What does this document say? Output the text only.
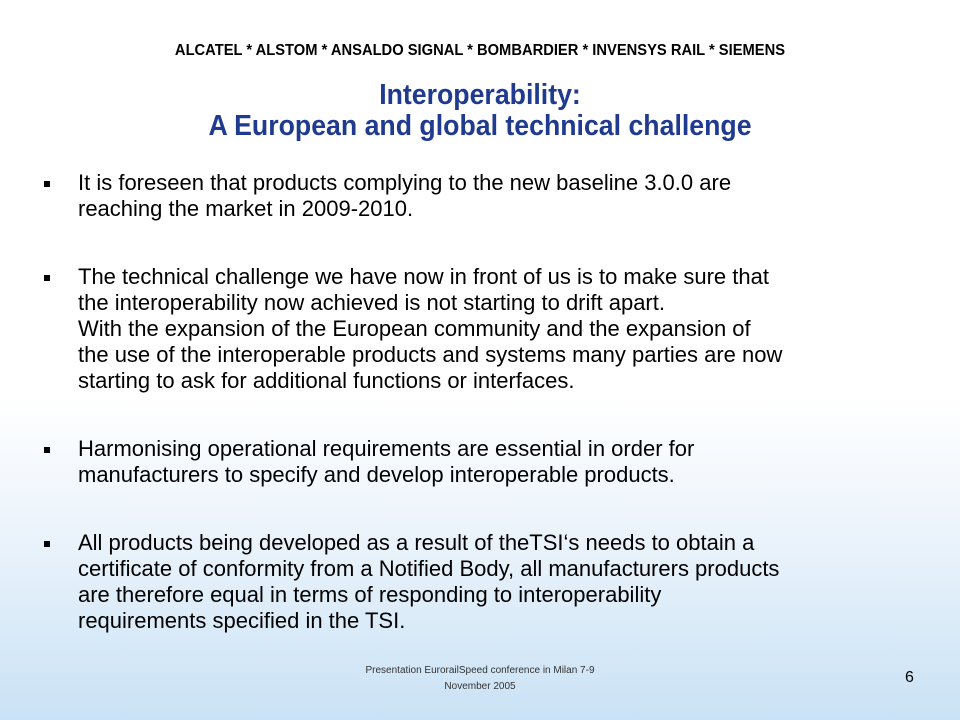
ALCATEL * ALSTOM * ANSALDO SIGNAL * BOMBARDIER * INVENSYS RAIL * SIEMENS
Interoperability:
A European and global technical challenge
It is foreseen that products complying to the new baseline 3.0.0 are
reaching the market in 2009-2010.
The technical challenge we have now in front of us is to make sure that
the interoperability now achieved is not starting to drift apart.
With the expansion of the European community and the expansion of
the use of the interoperable products and systems many parties are now
starting to ask for additional functions or interfaces.
Harmonising operational requirements are essential in order for
manufacturers to specify and develop interoperable products.
All products being developed as a result of theTSI‘s needs to obtain a
certificate of conformity from a Notified Body, all manufacturers products
are therefore equal in terms of responding to interoperability
requirements specified in the TSI.
Presentation EurorailSpeed conference in Milan 7-9
November 2005
6
